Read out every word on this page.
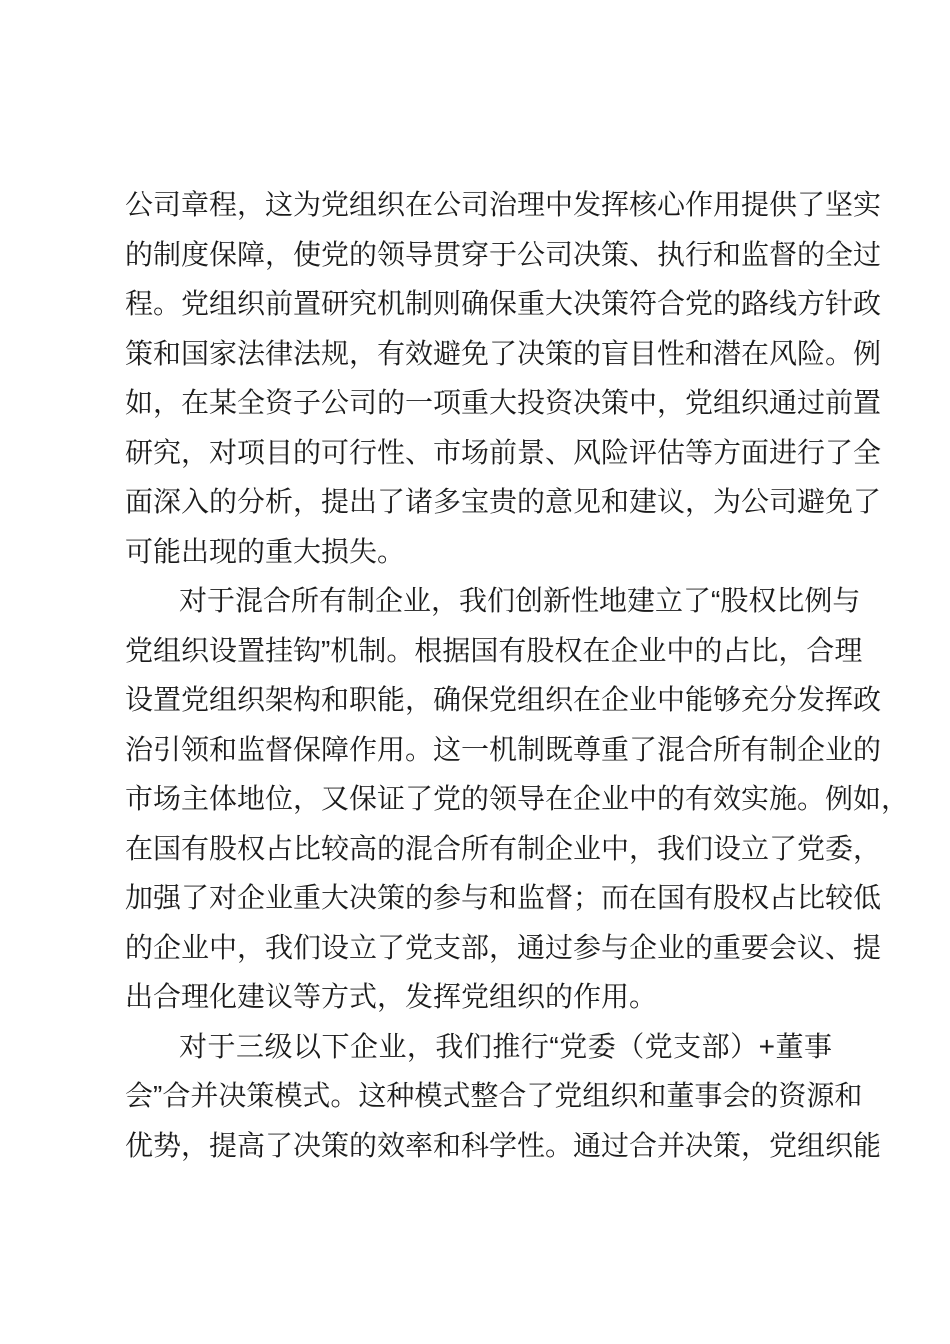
公司章程，这为党组织在公司治理中发挥核心作用提供了坚实
的制度保障，使党的领导贯穿于公司决策、执行和监督的全过
程。党组织前置研究机制则确保重大决策符合党的路线方针政
策和国家法律法规，有效避免了决策的盲目性和潜在风险。例
如，在某全资子公司的一项重大投资决策中，党组织通过前置
研究，对项目的可行性、市场前景、风险评估等方面进行了全
面深入的分析，提出了诸多宝贵的意见和建议，为公司避免了
可能出现的重大损失。
对于混合所有制企业，我们创新性地建立了“股权比例与
党组织设置挂钩”机制。根据国有股权在企业中的占比，合理
设置党组织架构和职能，确保党组织在企业中能够充分发挥政
治引领和监督保障作用。这一机制既尊重了混合所有制企业的
市场主体地位，又保证了党的领导在企业中的有效实施。例如，
在国有股权占比较高的混合所有制企业中，我们设立了党委，
加强了对企业重大决策的参与和监督；而在国有股权占比较低
的企业中，我们设立了党支部，通过参与企业的重要会议、提
出合理化建议等方式，发挥党组织的作用。
对于三级以下企业，我们推行“党委（党支部）+董事
会”合并决策模式。这种模式整合了党组织和董事会的资源和
优势，提高了决策的效率和科学性。通过合并决策，党组织能
